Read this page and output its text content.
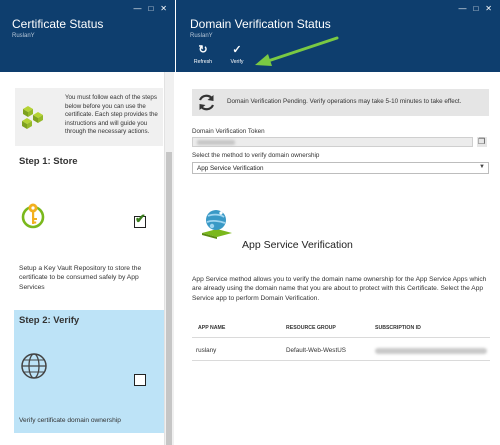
Certificate Status
RuslanY
— □ ✕
You must follow each of the steps below before you can use the certificate. Each step provides the instructions and will guide you through the necessary actions.
Step 1: Store
✔
Setup a Key Vault Repository to store the certificate to be consumed safely by App Services
Step 2: Verify
Verify certificate domain ownership
Domain Verification Status
RuslanY
— □ ✕
↻
Refresh
✓
Verify
Domain Verification Pending. Verify operations may take 5-10 minutes to take effect.
Domain Verification Token
❐
Select the method to verify domain ownership
App Service Verification	▼
App Service Verification
App Service method allows you to verify the domain name ownership for the App Service Apps which are already using the domain name that you are about to protect with this Certificate. Select the App Service app to perform Domain Verification.
APP NAME	RESOURCE GROUP	SUBSCRIPTION ID
ruslany	Default-Web-WestUS
